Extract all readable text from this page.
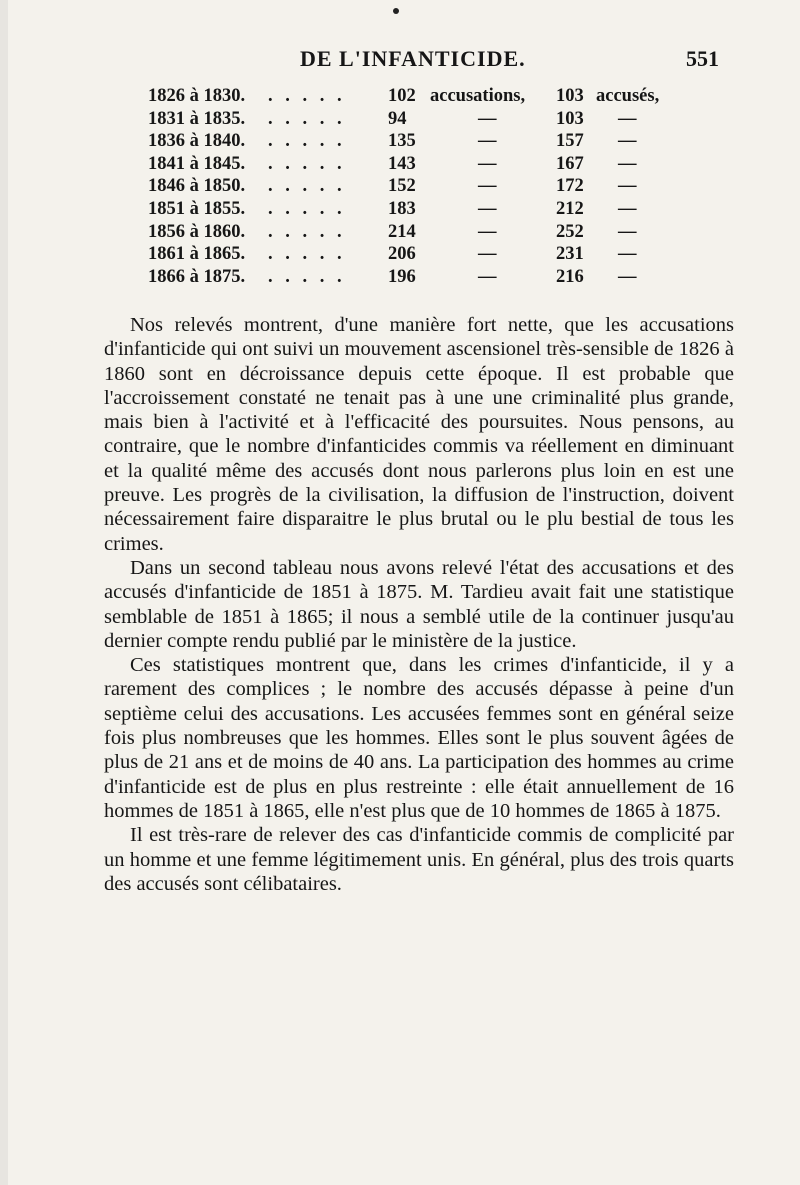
DE L'INFANTICIDE.	551
1826 à 1830. . . . . . 102 accusations, 103 accusés,
1831 à 1835. . . . . . 94	—	103 —
1836 à 1840. . . . . . 135	—	157 —
1841 à 1845. . . . . . 143	—	167 —
1846 à 1850. . . . . . 152	—	172 —
1851 à 1855. . . . . . 183	—	212 —
1856 à 1860. . . . . . 214	—	252 —
1861 à 1865. . . . . . 206	—	231 —
1866 à 1875. . . . . . 196	—	216 —

Nos relevés montrent, d'une manière fort nette, que les accusations d'infanticide qui ont suivi un mouvement ascensionel très-sensible de 1826 à 1860 sont en décroissance depuis cette époque. Il est probable que l'accroissement constaté ne tenait pas à une une criminalité plus grande, mais bien à l'activité et à l'efficacité des poursuites. Nous pensons, au contraire, que le nombre d'infanticides commis va réellement en diminuant et la qualité même des accusés dont nous parlerons plus loin en est une preuve. Les progrès de la civilisation, la diffusion de l'instruction, doivent nécessairement faire disparaitre le plus brutal ou le plu bestial de tous les crimes.

Dans un second tableau nous avons relevé l'état des accusations et des accusés d'infanticide de 1851 à 1875. M. Tardieu avait fait une statistique semblable de 1851 à 1865; il nous a semblé utile de la continuer jusqu'au dernier compte rendu publié par le ministère de la justice.

Ces statistiques montrent que, dans les crimes d'infanticide, il y a rarement des complices ; le nombre des accusés dépasse à peine d'un septième celui des accusations. Les accusées femmes sont en général seize fois plus nombreuses que les hommes. Elles sont le plus souvent âgées de plus de 21 ans et de moins de 40 ans. La participation des hommes au crime d'infanticide est de plus en plus restreinte : elle était annuellement de 16 hommes de 1851 à 1865, elle n'est plus que de 10 hommes de 1865 à 1875.

Il est très-rare de relever des cas d'infanticide commis de complicité par un homme et une femme légitimement unis. En général, plus des trois quarts des accusés sont célibataires.
